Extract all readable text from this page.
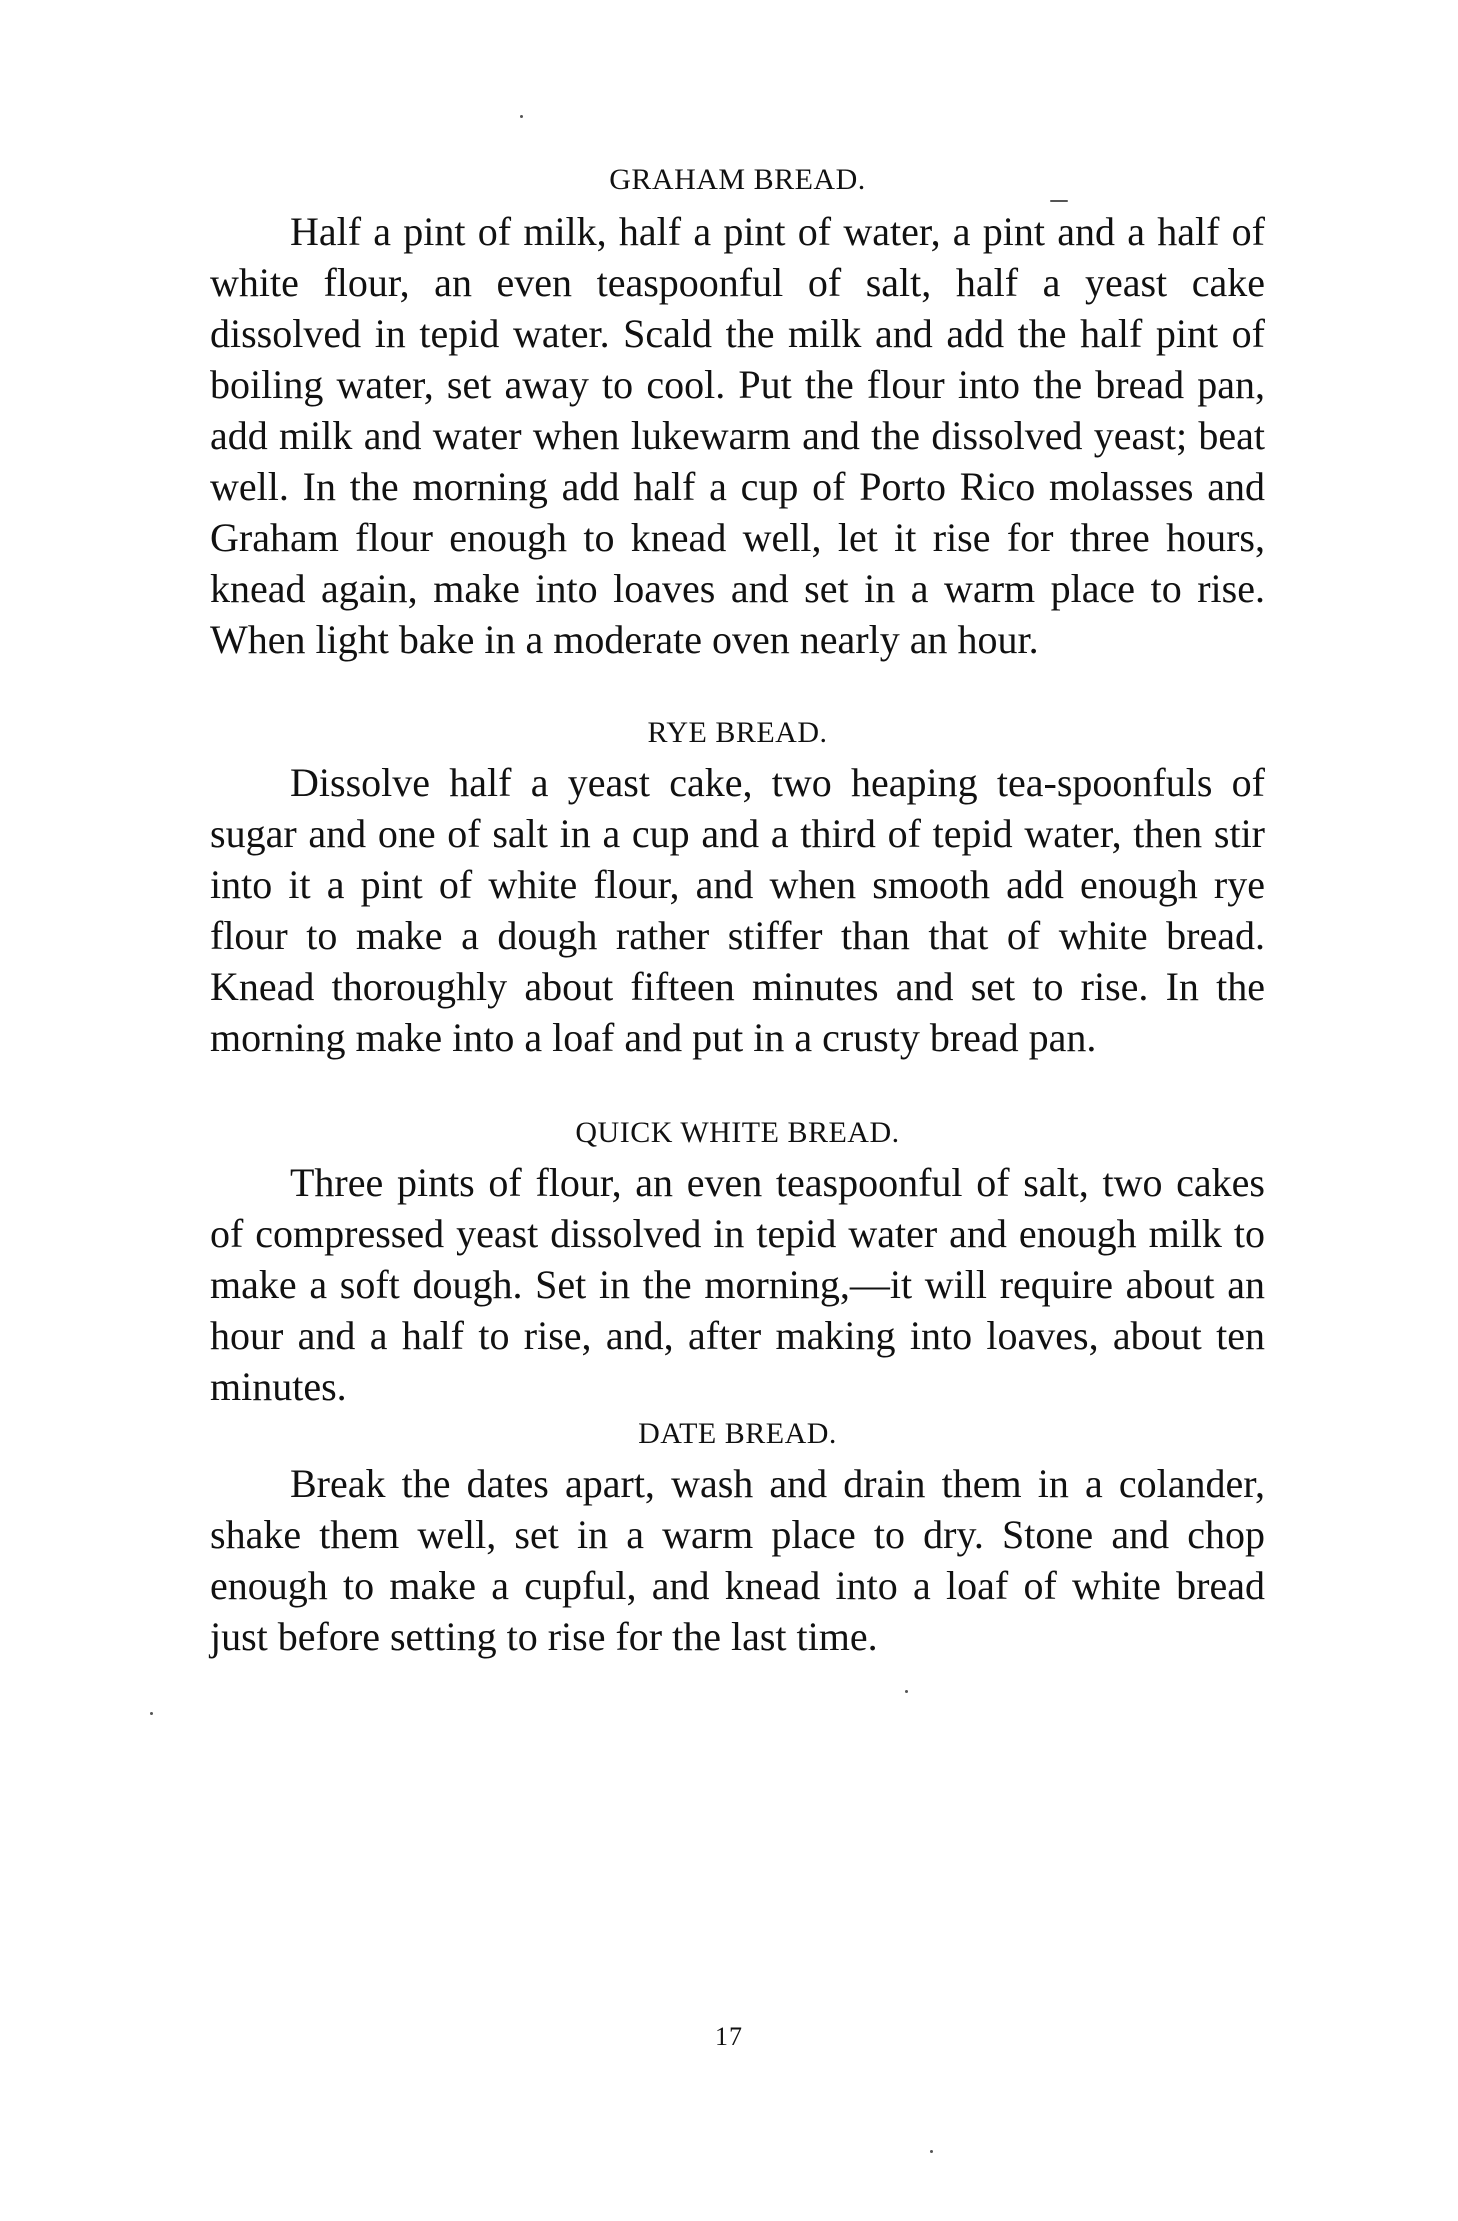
GRAHAM BREAD.

Half a pint of milk, half a pint of water, a pint and a half of white flour, an even teaspoonful of salt, half a yeast cake dissolved in tepid water. Scald the milk and add the half pint of boiling water, set away to cool. Put the flour into the bread pan, add milk and water when lukewarm and the dissolved yeast; beat well. In the morning add half a cup of Porto Rico molasses and Graham flour enough to knead well, let it rise for three hours, knead again, make into loaves and set in a warm place to rise. When light bake in a moderate oven nearly an hour.

RYE BREAD.

Dissolve half a yeast cake, two heaping tea-spoonfuls of sugar and one of salt in a cup and a third of tepid water, then stir into it a pint of white flour, and when smooth add enough rye flour to make a dough rather stiffer than that of white bread. Knead thoroughly about fifteen minutes and set to rise. In the morning make into a loaf and put in a crusty bread pan.

QUICK WHITE BREAD.

Three pints of flour, an even teaspoonful of salt, two cakes of compressed yeast dissolved in tepid water and enough milk to make a soft dough. Set in the morning,—it will require about an hour and a half to rise, and, after making into loaves, about ten minutes.

DATE BREAD.

Break the dates apart, wash and drain them in a colander, shake them well, set in a warm place to dry. Stone and chop enough to make a cupful, and knead into a loaf of white bread just before setting to rise for the last time.

17
